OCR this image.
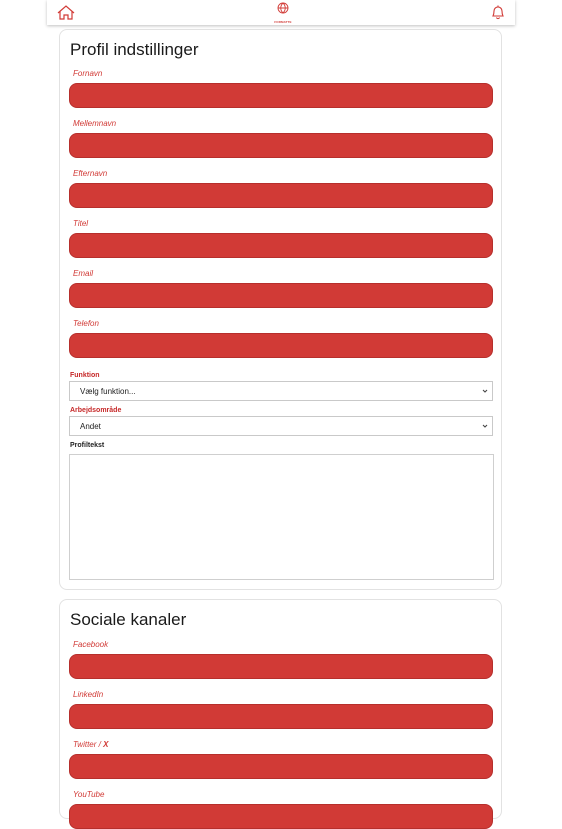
FORMATTE
Profil indstillinger
Fornavn
Mellemnavn
Efternavn
Titel
Email
Telefon
Funktion
Vælg funktion...
Arbejdsområde
Andet
Profiltekst
Sociale kanaler
Facebook
LinkedIn
Twitter / X
YouTube
